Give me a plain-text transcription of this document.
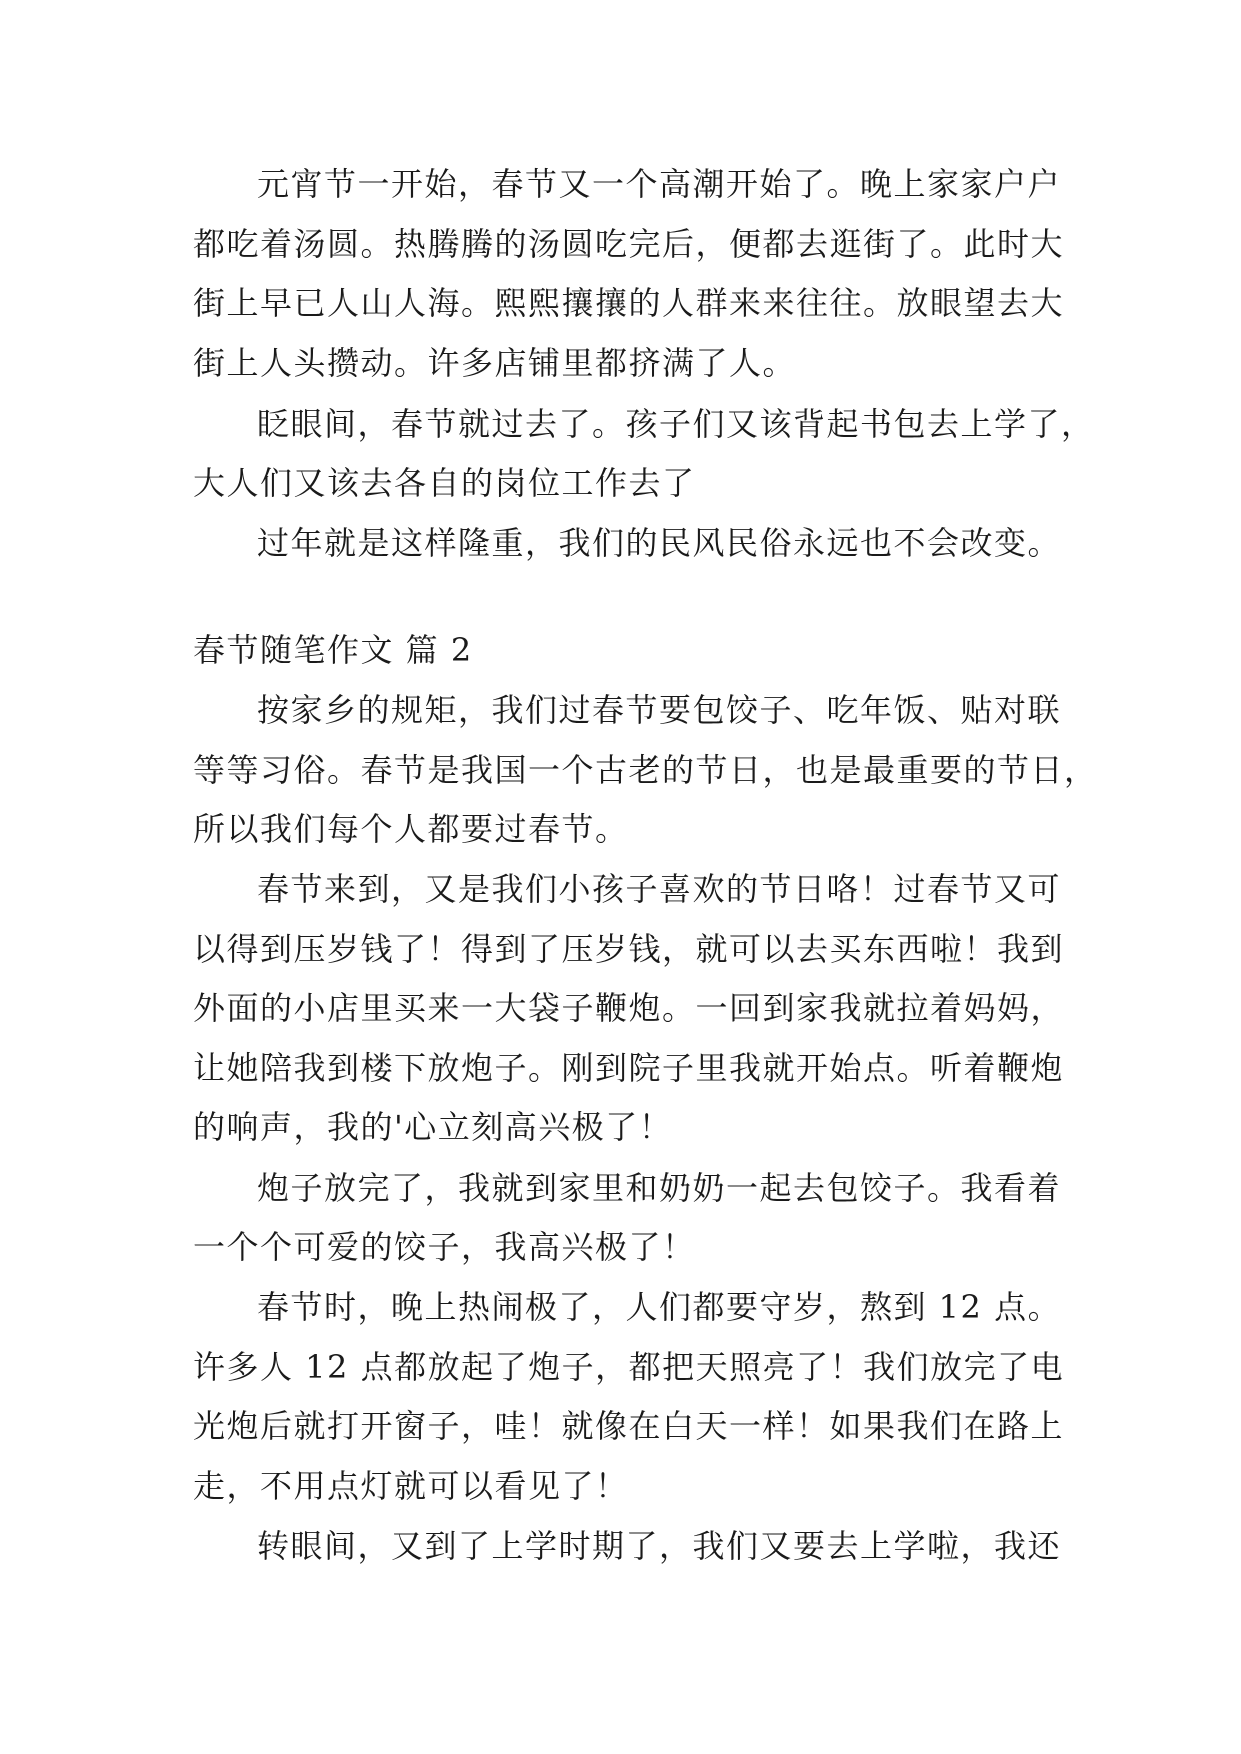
元宵节一开始，春节又一个高潮开始了。晚上家家户户
都吃着汤圆。热腾腾的汤圆吃完后，便都去逛街了。此时大
街上早已人山人海。熙熙攘攘的人群来来往往。放眼望去大
街上人头攒动。许多店铺里都挤满了人。
眨眼间，春节就过去了。孩子们又该背起书包去上学了，
大人们又该去各自的岗位工作去了
过年就是这样隆重，我们的民风民俗永远也不会改变。
春节随笔作文 篇 2
按家乡的规矩，我们过春节要包饺子、吃年饭、贴对联
等等习俗。春节是我国一个古老的节日，也是最重要的节日，
所以我们每个人都要过春节。
春节来到，又是我们小孩子喜欢的节日咯！过春节又可
以得到压岁钱了！得到了压岁钱，就可以去买东西啦！我到
外面的小店里买来一大袋子鞭炮。一回到家我就拉着妈妈，
让她陪我到楼下放炮子。刚到院子里我就开始点。听着鞭炮
的响声，我的'心立刻高兴极了！
炮子放完了，我就到家里和奶奶一起去包饺子。我看着
一个个可爱的饺子，我高兴极了！
春节时，晚上热闹极了，人们都要守岁，熬到 12 点。
许多人 12 点都放起了炮子，都把天照亮了！我们放完了电
光炮后就打开窗子，哇！就像在白天一样！如果我们在路上
走，不用点灯就可以看见了！
转眼间，又到了上学时期了，我们又要去上学啦，我还
